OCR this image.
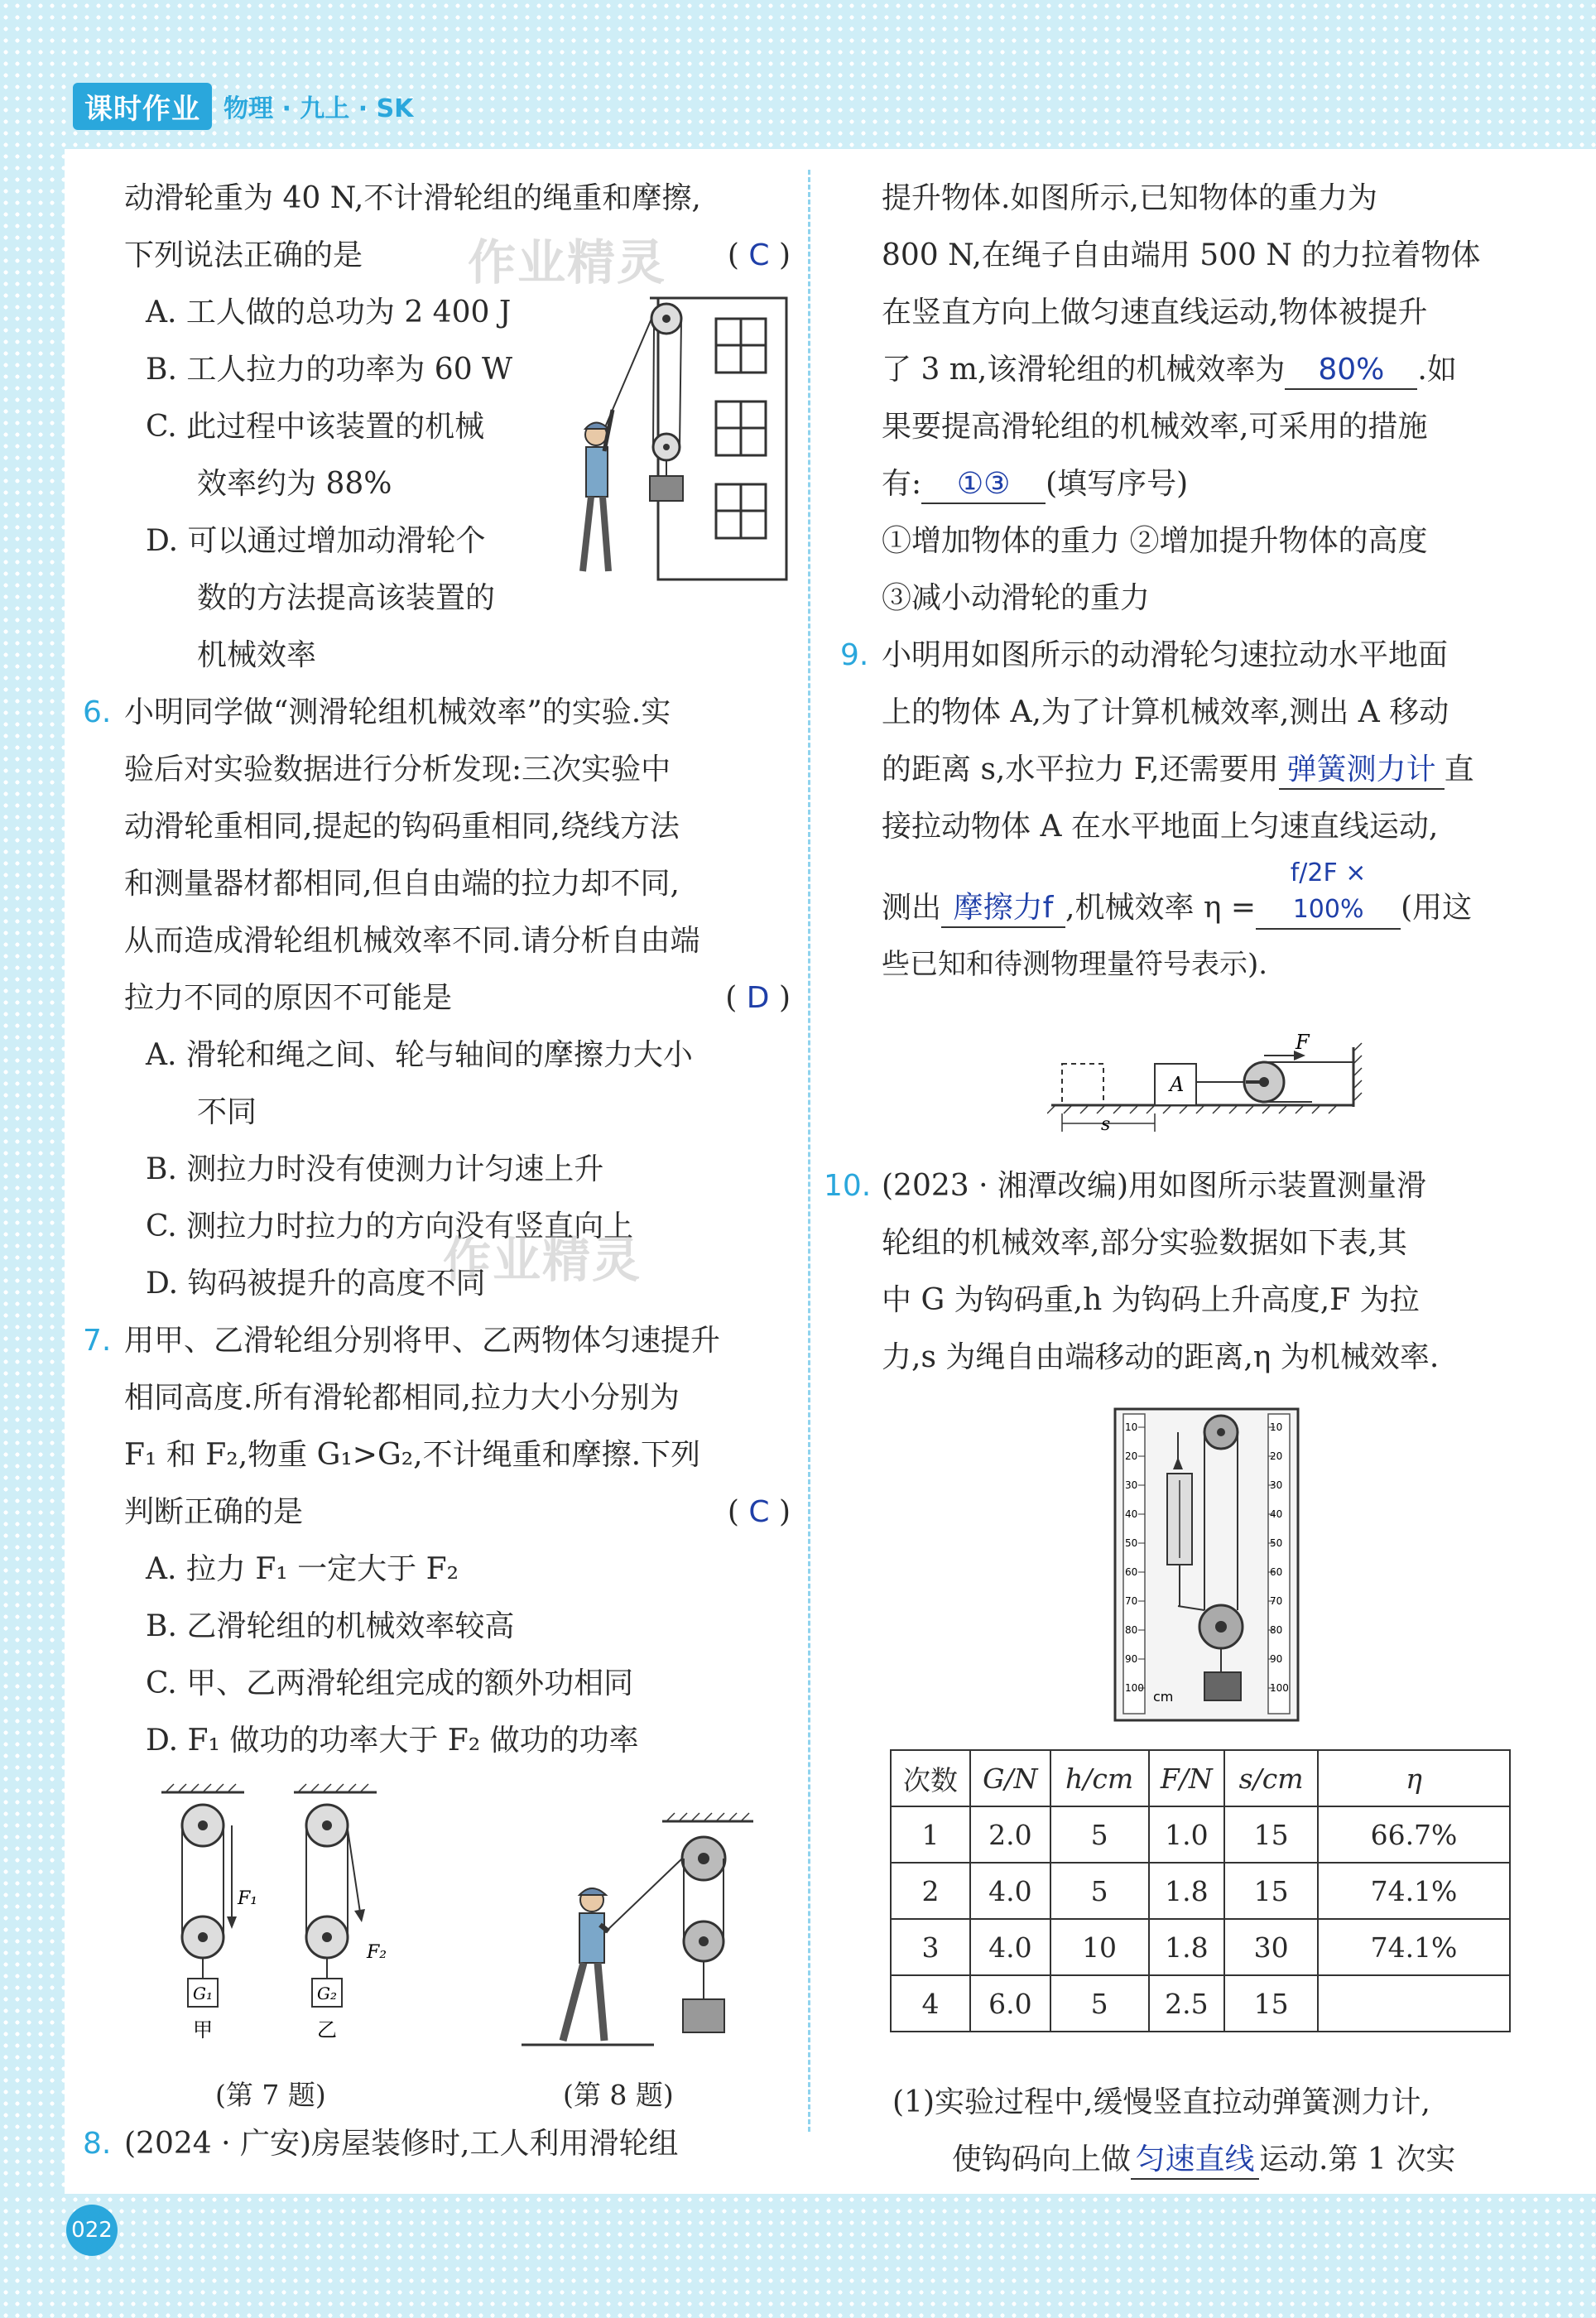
课时作业 物理 · 九上 · SK

动滑轮重为 40 N,不计滑轮组的绳重和摩擦,

下列说法正确的是	( C )

A. 工人做的总功为 2 400 J

B. 工人拉力的功率为 60 W

C. 此过程中该装置的机械

效率约为 88%

D. 可以通过增加动滑轮个

数的方法提高该装置的

机械效率

6. 小明同学做“测滑轮组机械效率”的实验.实

验后对实验数据进行分析发现:三次实验中

动滑轮重相同,提起的钩码重相同,绕线方法

和测量器材都相同,但自由端的拉力却不同,

从而造成滑轮组机械效率不同.请分析自由端

拉力不同的原因不可能是	( D )

A. 滑轮和绳之间、轮与轴间的摩擦力大小

不同

B. 测拉力时没有使测力计匀速上升

C. 测拉力时拉力的方向没有竖直向上

D. 钩码被提升的高度不同

7. 用甲、乙滑轮组分别将甲、乙两物体匀速提升

相同高度.所有滑轮都相同,拉力大小分别为

F₁ 和 F₂,物重 G₁>G₂,不计绳重和摩擦.下列

判断正确的是	( C )

A. 拉力 F₁ 一定大于 F₂

B. 乙滑轮组的机械效率较高

C. 甲、乙两滑轮组完成的额外功相同

D. F₁ 做功的功率大于 F₂ 做功的功率

作业精灵
作业精灵
F₁
G₁
甲
F₂
G₂
乙
(第 7 题)	(第 8 题)

8. (2024 · 广安)房屋装修时,工人利用滑轮组

提升物体.如图所示,已知物体的重力为

800 N,在绳子自由端用 500 N 的力拉着物体

在竖直方向上做匀速直线运动,物体被提升

了 3 m,该滑轮组的机械效率为 80% .如

果要提高滑轮组的机械效率,可采用的措施

有: ①③ (填写序号)

①增加物体的重力 ②增加提升物体的高度

③减小动滑轮的重力

9. 小明用如图所示的动滑轮匀速拉动水平地面

上的物体 A,为了计算机械效率,测出 A 移动

的距离 s,水平拉力 F,还需要用 弹簧测力计 直

接拉动物体 A 在水平地面上匀速直线运动,

测出 摩擦力f ,机械效率 η =f/2F × 100% (用这

些已知和待测物理量符号表示).

A
F
s

10. (2023 · 湘潭改编)用如图所示装置测量滑

轮组的机械效率,部分实验数据如下表,其

中 G 为钩码重,h 为钩码上升高度,F 为拉

力,s 为绳自由端移动的距离,η 为机械效率.

10
20
30
40
50
60
70
80
90
100
10
20
30
40
50
60
70
80
90
100
cm
次数	G/N	h/cm	F/N	s/cm	η
1	2.0	5	1.0	15	66.7%
2	4.0	5	1.8	15	74.1%
3	4.0	10	1.8	30	74.1%
4	6.0	5	2.5	15	

(1)实验过程中,缓慢竖直拉动弹簧测力计,

使钩码向上做 匀速直线 运动.第 1 次实

022
